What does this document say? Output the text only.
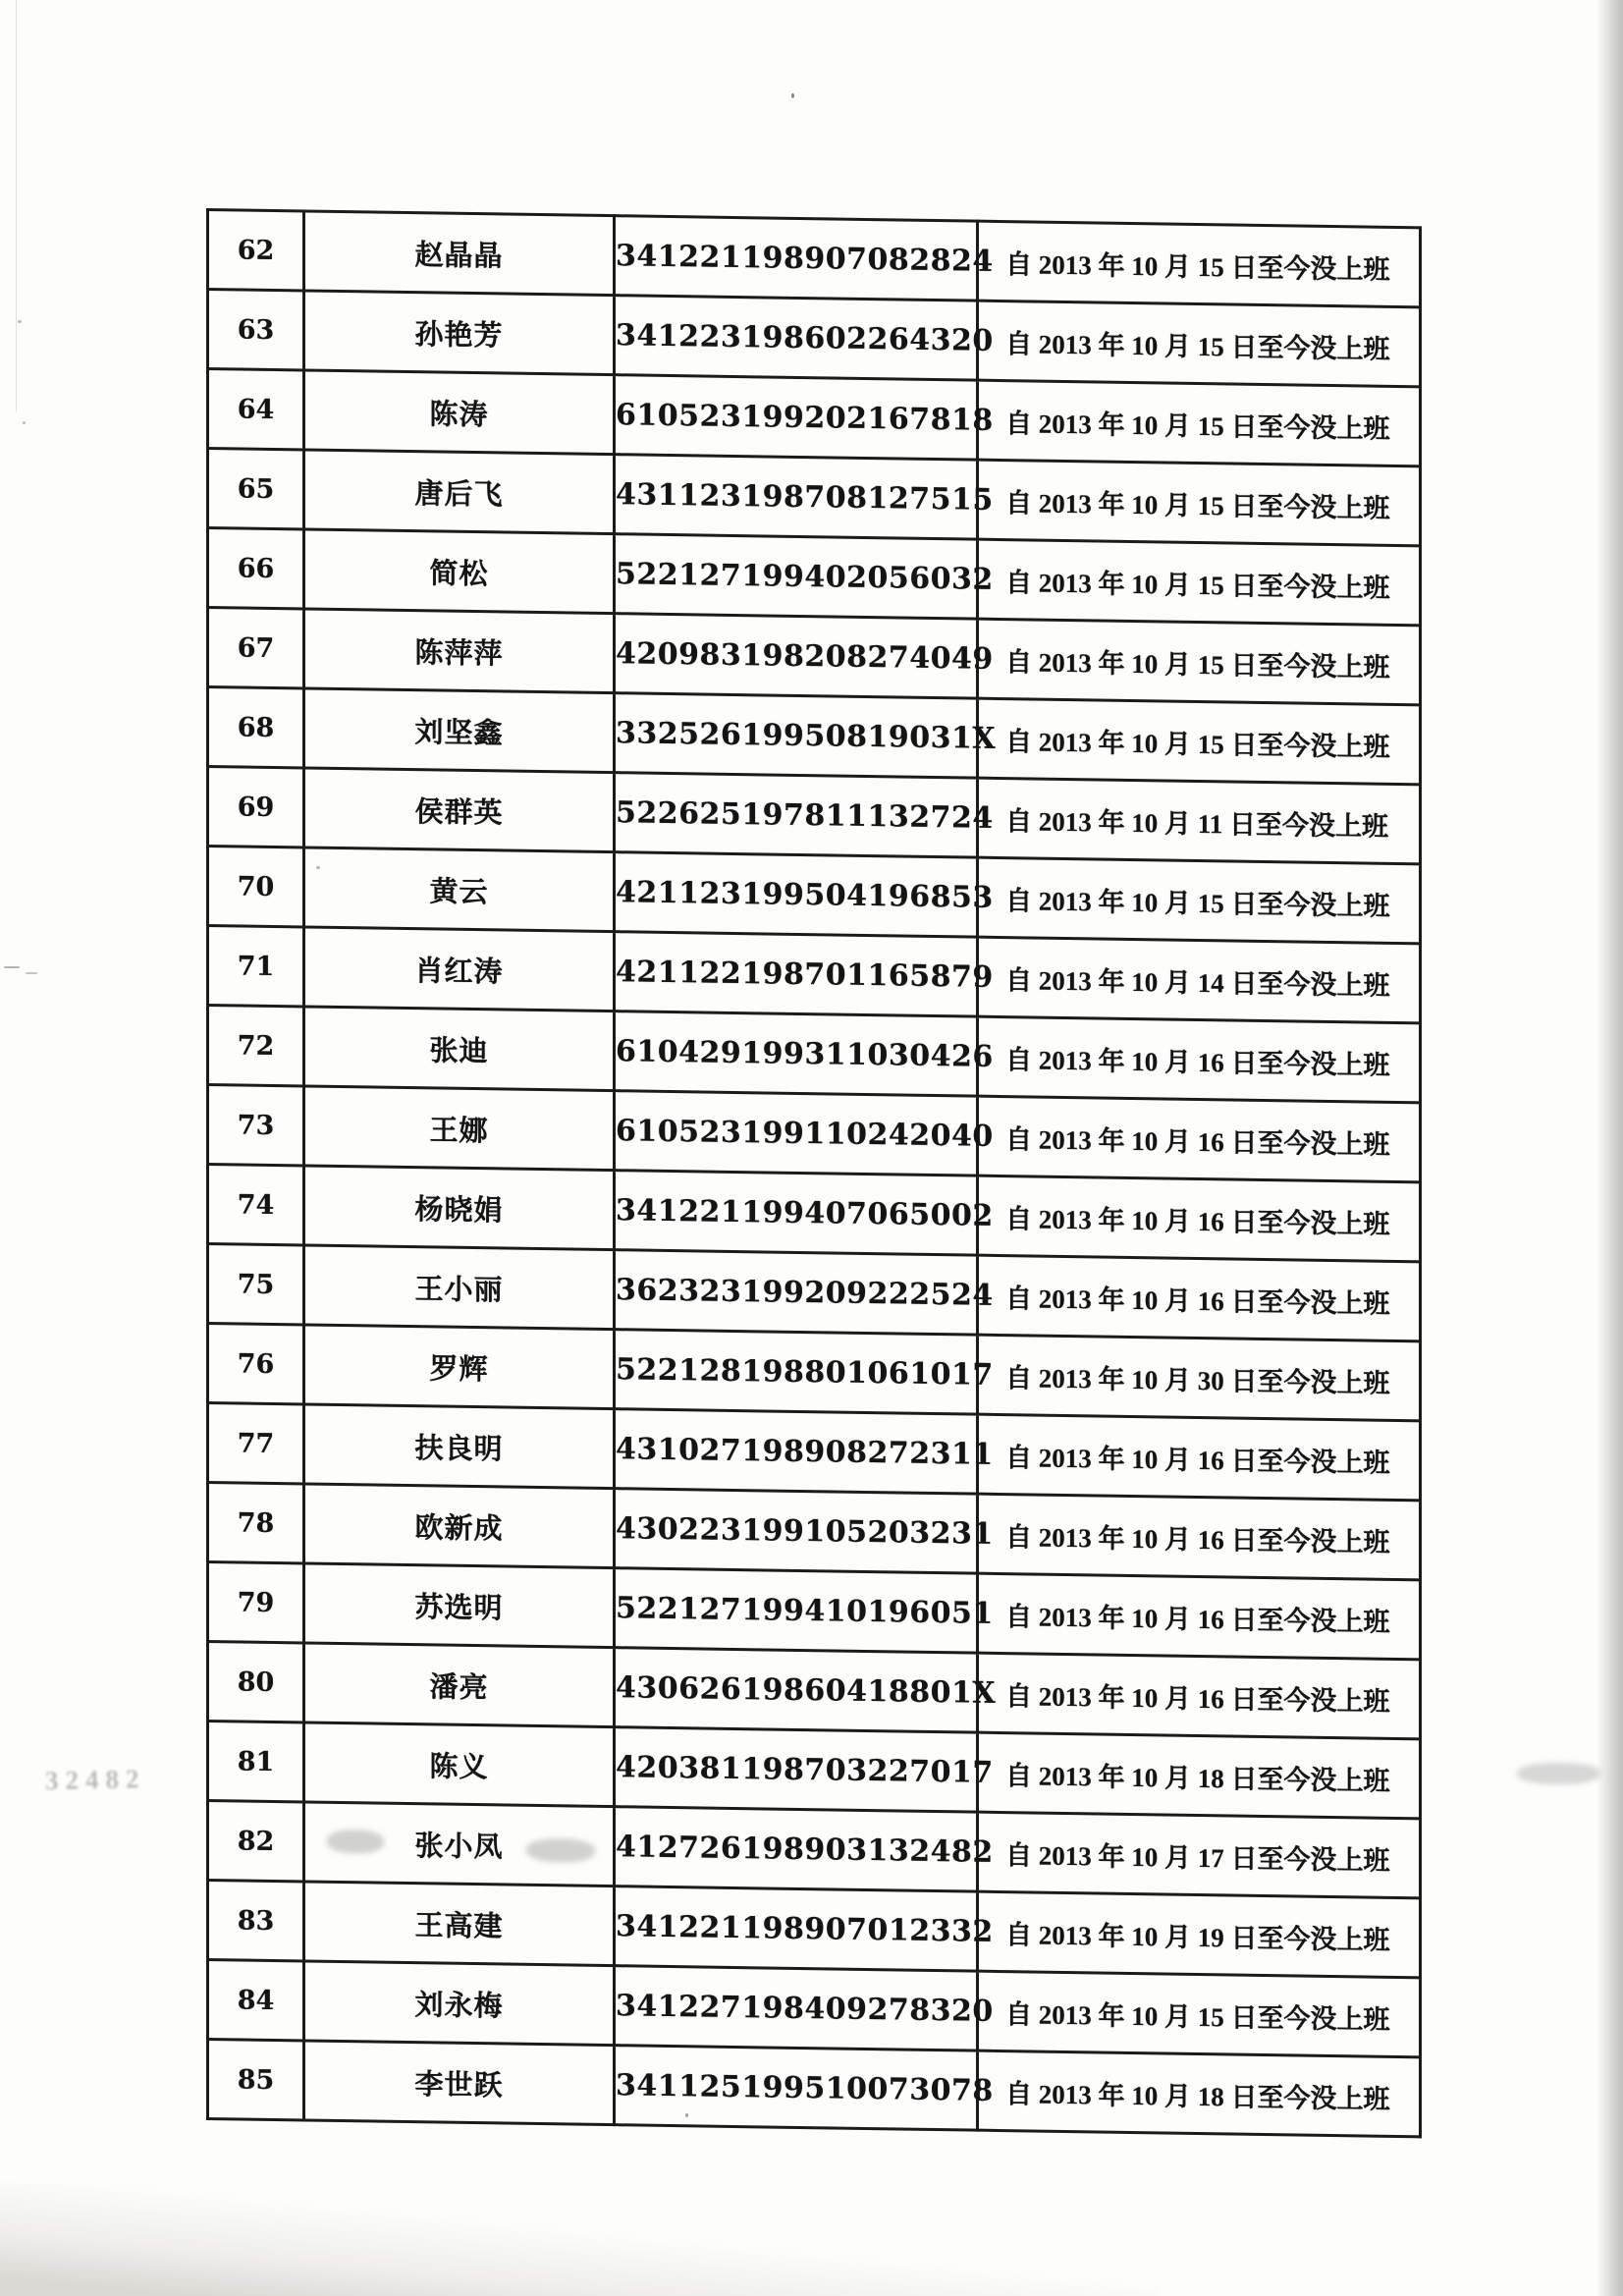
32482
62	赵晶晶	341221198907082824	自 2013 年 10 月 15 日至今没上班
63	孙艳芳	341223198602264320	自 2013 年 10 月 15 日至今没上班
64	陈涛	610523199202167818	自 2013 年 10 月 15 日至今没上班
65	唐后飞	431123198708127515	自 2013 年 10 月 15 日至今没上班
66	简松	522127199402056032	自 2013 年 10 月 15 日至今没上班
67	陈萍萍	420983198208274049	自 2013 年 10 月 15 日至今没上班
68	刘坚鑫	33252619950819031X	自 2013 年 10 月 15 日至今没上班
69	侯群英	522625197811132724	自 2013 年 10 月 11 日至今没上班
70	黄云	421123199504196853	自 2013 年 10 月 15 日至今没上班
71	肖红涛	421122198701165879	自 2013 年 10 月 14 日至今没上班
72	张迪	610429199311030426	自 2013 年 10 月 16 日至今没上班
73	王娜	610523199110242040	自 2013 年 10 月 16 日至今没上班
74	杨晓娟	341221199407065002	自 2013 年 10 月 16 日至今没上班
75	王小丽	362323199209222524	自 2013 年 10 月 16 日至今没上班
76	罗辉	522128198801061017	自 2013 年 10 月 30 日至今没上班
77	扶良明	431027198908272311	自 2013 年 10 月 16 日至今没上班
78	欧新成	430223199105203231	自 2013 年 10 月 16 日至今没上班
79	苏选明	522127199410196051	自 2013 年 10 月 16 日至今没上班
80	潘亮	43062619860418801X	自 2013 年 10 月 16 日至今没上班
81	陈义	420381198703227017	自 2013 年 10 月 18 日至今没上班
82	张小凤	412726198903132482	自 2013 年 10 月 17 日至今没上班
83	王高建	341221198907012332	自 2013 年 10 月 19 日至今没上班
84	刘永梅	341227198409278320	自 2013 年 10 月 15 日至今没上班
85	李世跃	341125199510073078	自 2013 年 10 月 18 日至今没上班
